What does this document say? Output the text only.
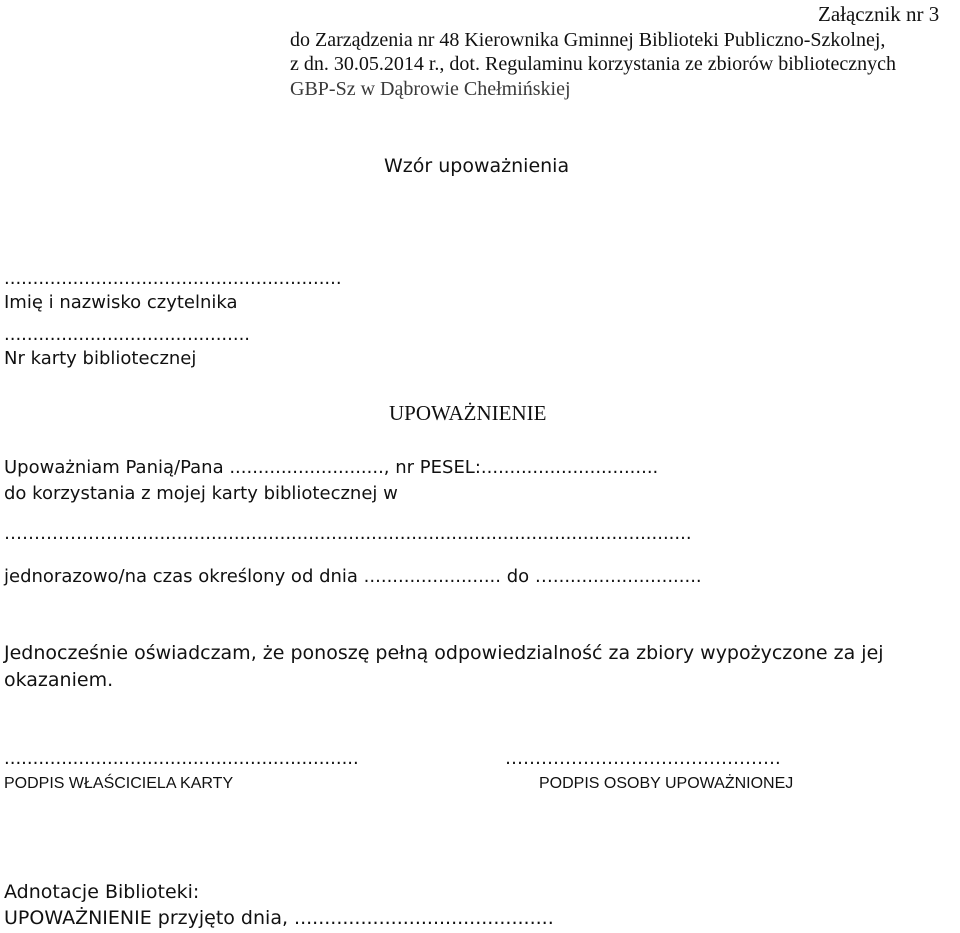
Załącznik nr 3

do Zarządzenia nr 48 Kierownika Gminnej Biblioteki Publiczno-Szkolnej,

z dn. 30.05.2014 r., dot. Regulaminu korzystania ze zbiorów bibliotecznych

GBP-Sz w Dąbrowie Chełmińskiej

Wzór upoważnienia

...........................................................

Imię i nazwisko czytelnika

...........................................

Nr karty bibliotecznej

UPOWAŻNIENIE

Upoważniam Panią/Pana ..........................., nr PESEL:...............................

do korzystania z mojej karty bibliotecznej w

……………………...............................................................................................

jednorazowo/na czas określony od dnia ........................ do …..........................

Jednocześnie oświadczam, że ponoszę pełną odpowiedzialność za zbiory wypożyczone za jej

okazaniem.

..............................................................

PODPIS WŁAŚCICIELA KARTY

……………………………………….

PODPIS OSOBY UPOWAŻNIONEJ

Adnotacje Biblioteki:

UPOWAŻNIENIE przyjęto dnia, ...........................................
